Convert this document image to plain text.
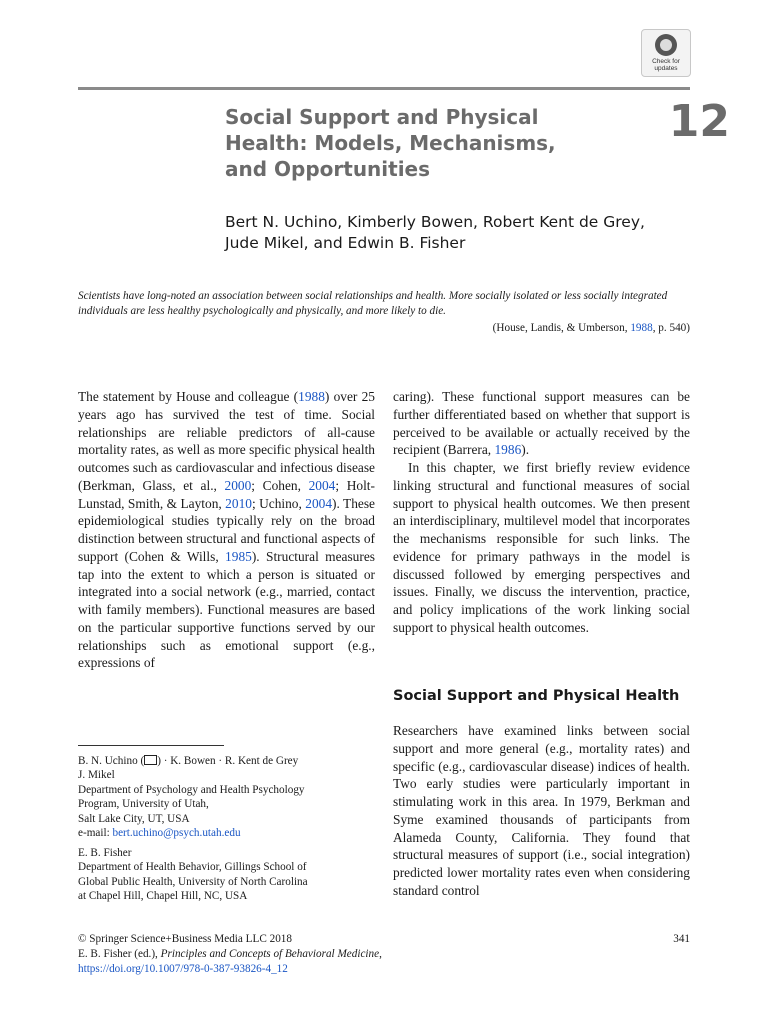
Check for updates
Social Support and Physical
Health: Models, Mechanisms,
and Opportunities
12
Bert N. Uchino, Kimberly Bowen, Robert Kent de Grey,
Jude Mikel, and Edwin B. Fisher
Scientists have long-noted an association between social relationships and health. More socially isolated or less socially integrated individuals are less healthy psychologically and physically, and more likely to die.
(House, Landis, & Umberson, 1988, p. 540)

The statement by House and colleague (1988) over 25 years ago has survived the test of time. Social relationships are reliable predictors of all-cause mortality rates, as well as more specific physical health outcomes such as cardiovascular and infectious disease (Berkman, Glass, et al., 2000; Cohen, 2004; Holt-Lunstad, Smith, & Layton, 2010; Uchino, 2004). These epidemiological studies typically rely on the broad distinction between structural and functional aspects of support (Cohen & Wills, 1985). Structural measures tap into the extent to which a person is situated or integrated into a social network (e.g., married, contact with family members). Functional measures are based on the particular supportive functions served by our relationships such as emotional support (e.g., expressions of

caring). These functional support measures can be further differentiated based on whether that support is perceived to be available or actually received by the recipient (Barrera, 1986).

In this chapter, we first briefly review evidence linking structural and functional measures of social support to physical health outcomes. We then present an interdisciplinary, multilevel model that incorporates the mechanisms responsible for such links. The evidence for primary pathways in the model is discussed followed by emerging perspectives and issues. Finally, we discuss the intervention, practice, and policy implications of the work linking social support to physical health outcomes.

Social Support and Physical Health

Researchers have examined links between social support and more general (e.g., mortality rates) and specific (e.g., cardiovascular disease) indices of health. Two early studies were particularly important in stimulating work in this area. In 1979, Berkman and Syme examined thousands of participants from Alameda County, California. They found that structural measures of support (i.e., social integration) predicted lower mortality rates even when considering standard control

B. N. Uchino ( ) · K. Bowen · R. Kent de Grey
J. Mikel
Department of Psychology and Health Psychology
Program, University of Utah,
Salt Lake City, UT, USA
e-mail: bert.uchino@psych.utah.edu
E. B. Fisher
Department of Health Behavior, Gillings School of
Global Public Health, University of North Carolina
at Chapel Hill, Chapel Hill, NC, USA
© Springer Science+Business Media LLC 2018	341
E. B. Fisher (ed.), Principles and Concepts of Behavioral Medicine,
https://doi.org/10.1007/978-0-387-93826-4_12
